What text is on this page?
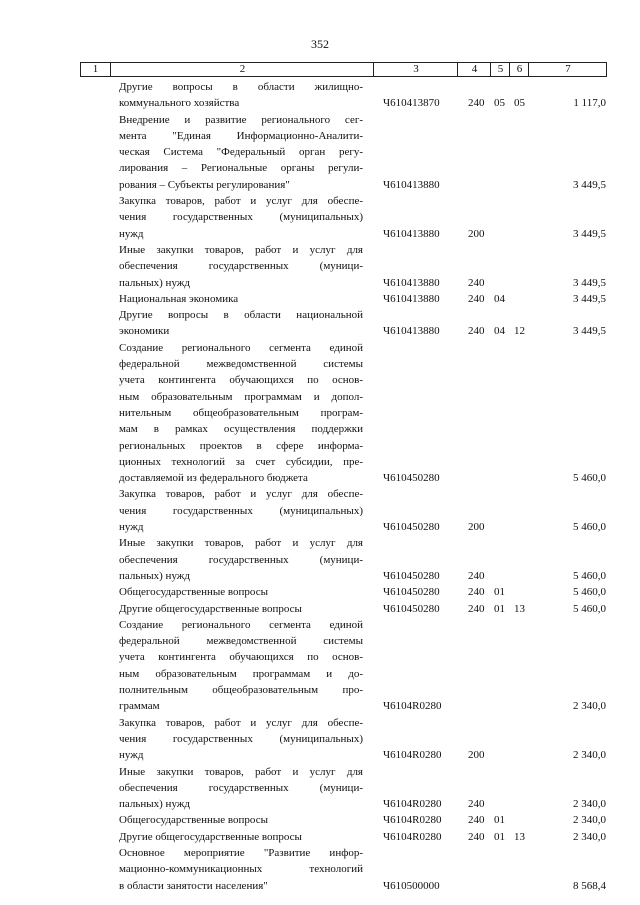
352
1	2	3	4	5	6	7
Другие вопросы в области жилищно-
коммунального хозяйства	Ч610413870	240 05 05	1 117,0
Внедрение и развитие регионального сег-
мента "Единая Информационно-Аналити-
ческая Система "Федеральный орган регу-
лирования – Региональные органы регули-
рования – Субъекты регулирования"	Ч610413880	3 449,5
Закупка товаров, работ и услуг для обеспе-
чения государственных (муниципальных)
нужд	Ч610413880	200	3 449,5
Иные закупки товаров, работ и услуг для
обеспечения государственных (муници-
пальных) нужд	Ч610413880	240	3 449,5
Национальная экономика	Ч610413880	240 04	3 449,5
Другие вопросы в области национальной
экономики	Ч610413880	240 04 12	3 449,5
Создание регионального сегмента единой
федеральной межведомственной системы
учета контингента обучающихся по основ-
ным образовательным программам и допол-
нительным общеобразовательным програм-
мам в рамках осуществления поддержки
региональных проектов в сфере информа-
ционных технологий за счет субсидии, пре-
доставляемой из федерального бюджета	Ч610450280	5 460,0
Закупка товаров, работ и услуг для обеспе-
чения государственных (муниципальных)
нужд	Ч610450280	200	5 460,0
Иные закупки товаров, работ и услуг для
обеспечения государственных (муници-
пальных) нужд	Ч610450280	240	5 460,0
Общегосударственные вопросы	Ч610450280	240 01	5 460,0
Другие общегосударственные вопросы	Ч610450280	240 01 13	5 460,0
Создание регионального сегмента единой
федеральной межведомственной системы
учета контингента обучающихся по основ-
ным образовательным программам и до-
полнительным общеобразовательным про-
граммам	Ч6104R0280	2 340,0
Закупка товаров, работ и услуг для обеспе-
чения государственных (муниципальных)
нужд	Ч6104R0280 200	2 340,0
Иные закупки товаров, работ и услуг для
обеспечения государственных (муници-
пальных) нужд	Ч6104R0280 240	2 340,0
Общегосударственные вопросы	Ч6104R0280 240 01	2 340,0
Другие общегосударственные вопросы	Ч6104R0280 240 01 13	2 340,0
Основное мероприятие "Развитие инфор-
мационно-коммуникационных технологий
в области занятости населения"	Ч610500000	8 568,4
